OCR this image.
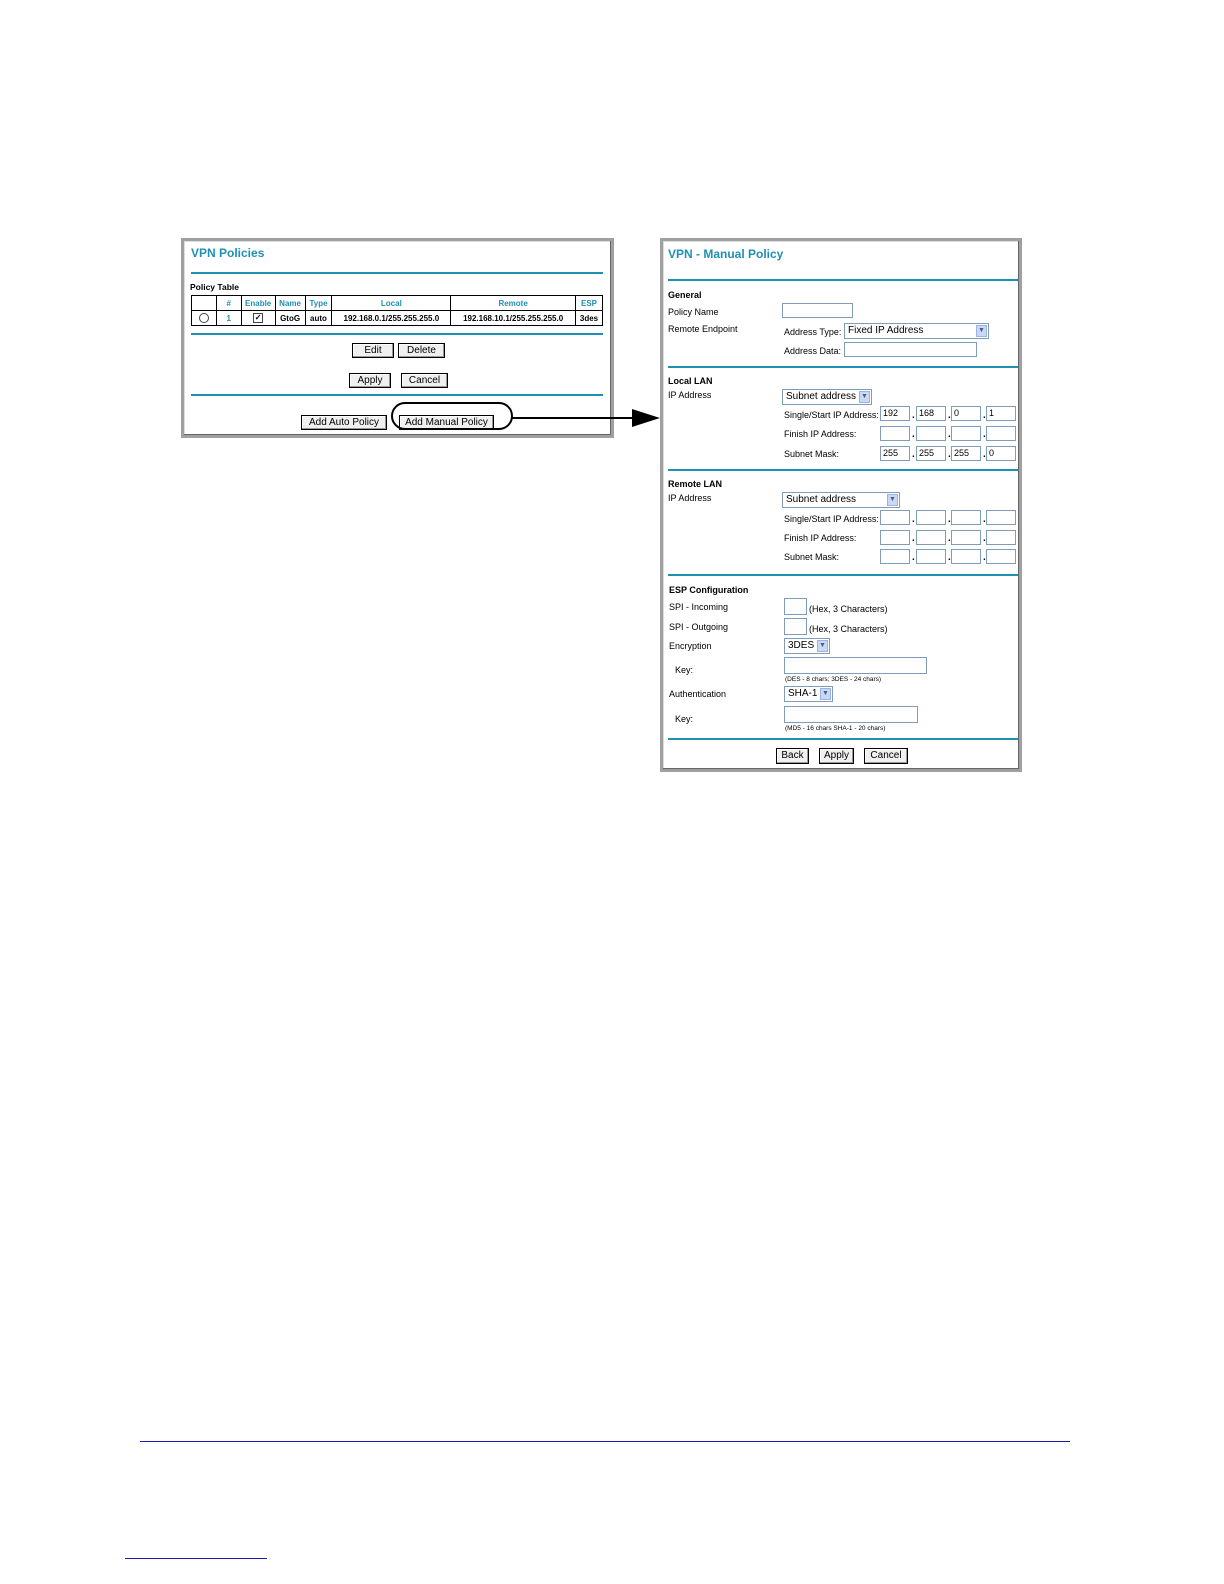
VPN Policies
Policy Table
	#	Enable	Name	Type	Local	Remote	ESP
	1	✓	GtoG	auto	192.168.0.1/255.255.255.0	192.168.10.1/255.255.255.0	3des
Edit	Delete
Apply	Cancel
Add Auto Policy	Add Manual Policy
VPN - Manual Policy
General
Policy Name
Remote Endpoint	Address Type: Fixed IP Address	▼
Address Data:
Local LAN
IP Address	Subnet address ▼
Single/Start IP Address: 192	. 168	. 0	. 1
Finish IP Address:	.	.	.
Subnet Mask:	255	. 255	. 255	. 0
Remote LAN
IP Address	Subnet address	▼
Single/Start IP Address:	.	.	.
Finish IP Address:	.	.	.
Subnet Mask:	.	.	.
ESP Configuration
SPI - Incoming	(Hex, 3 Characters)
SPI - Outgoing	(Hex, 3 Characters)
Encryption	3DES ▼
Key:
(DES - 8 chars; 3DES - 24 chars)
Authentication	SHA-1 ▼
Key:
(MD5 - 16 chars SHA-1 - 20 chars)
Back	Apply	Cancel
